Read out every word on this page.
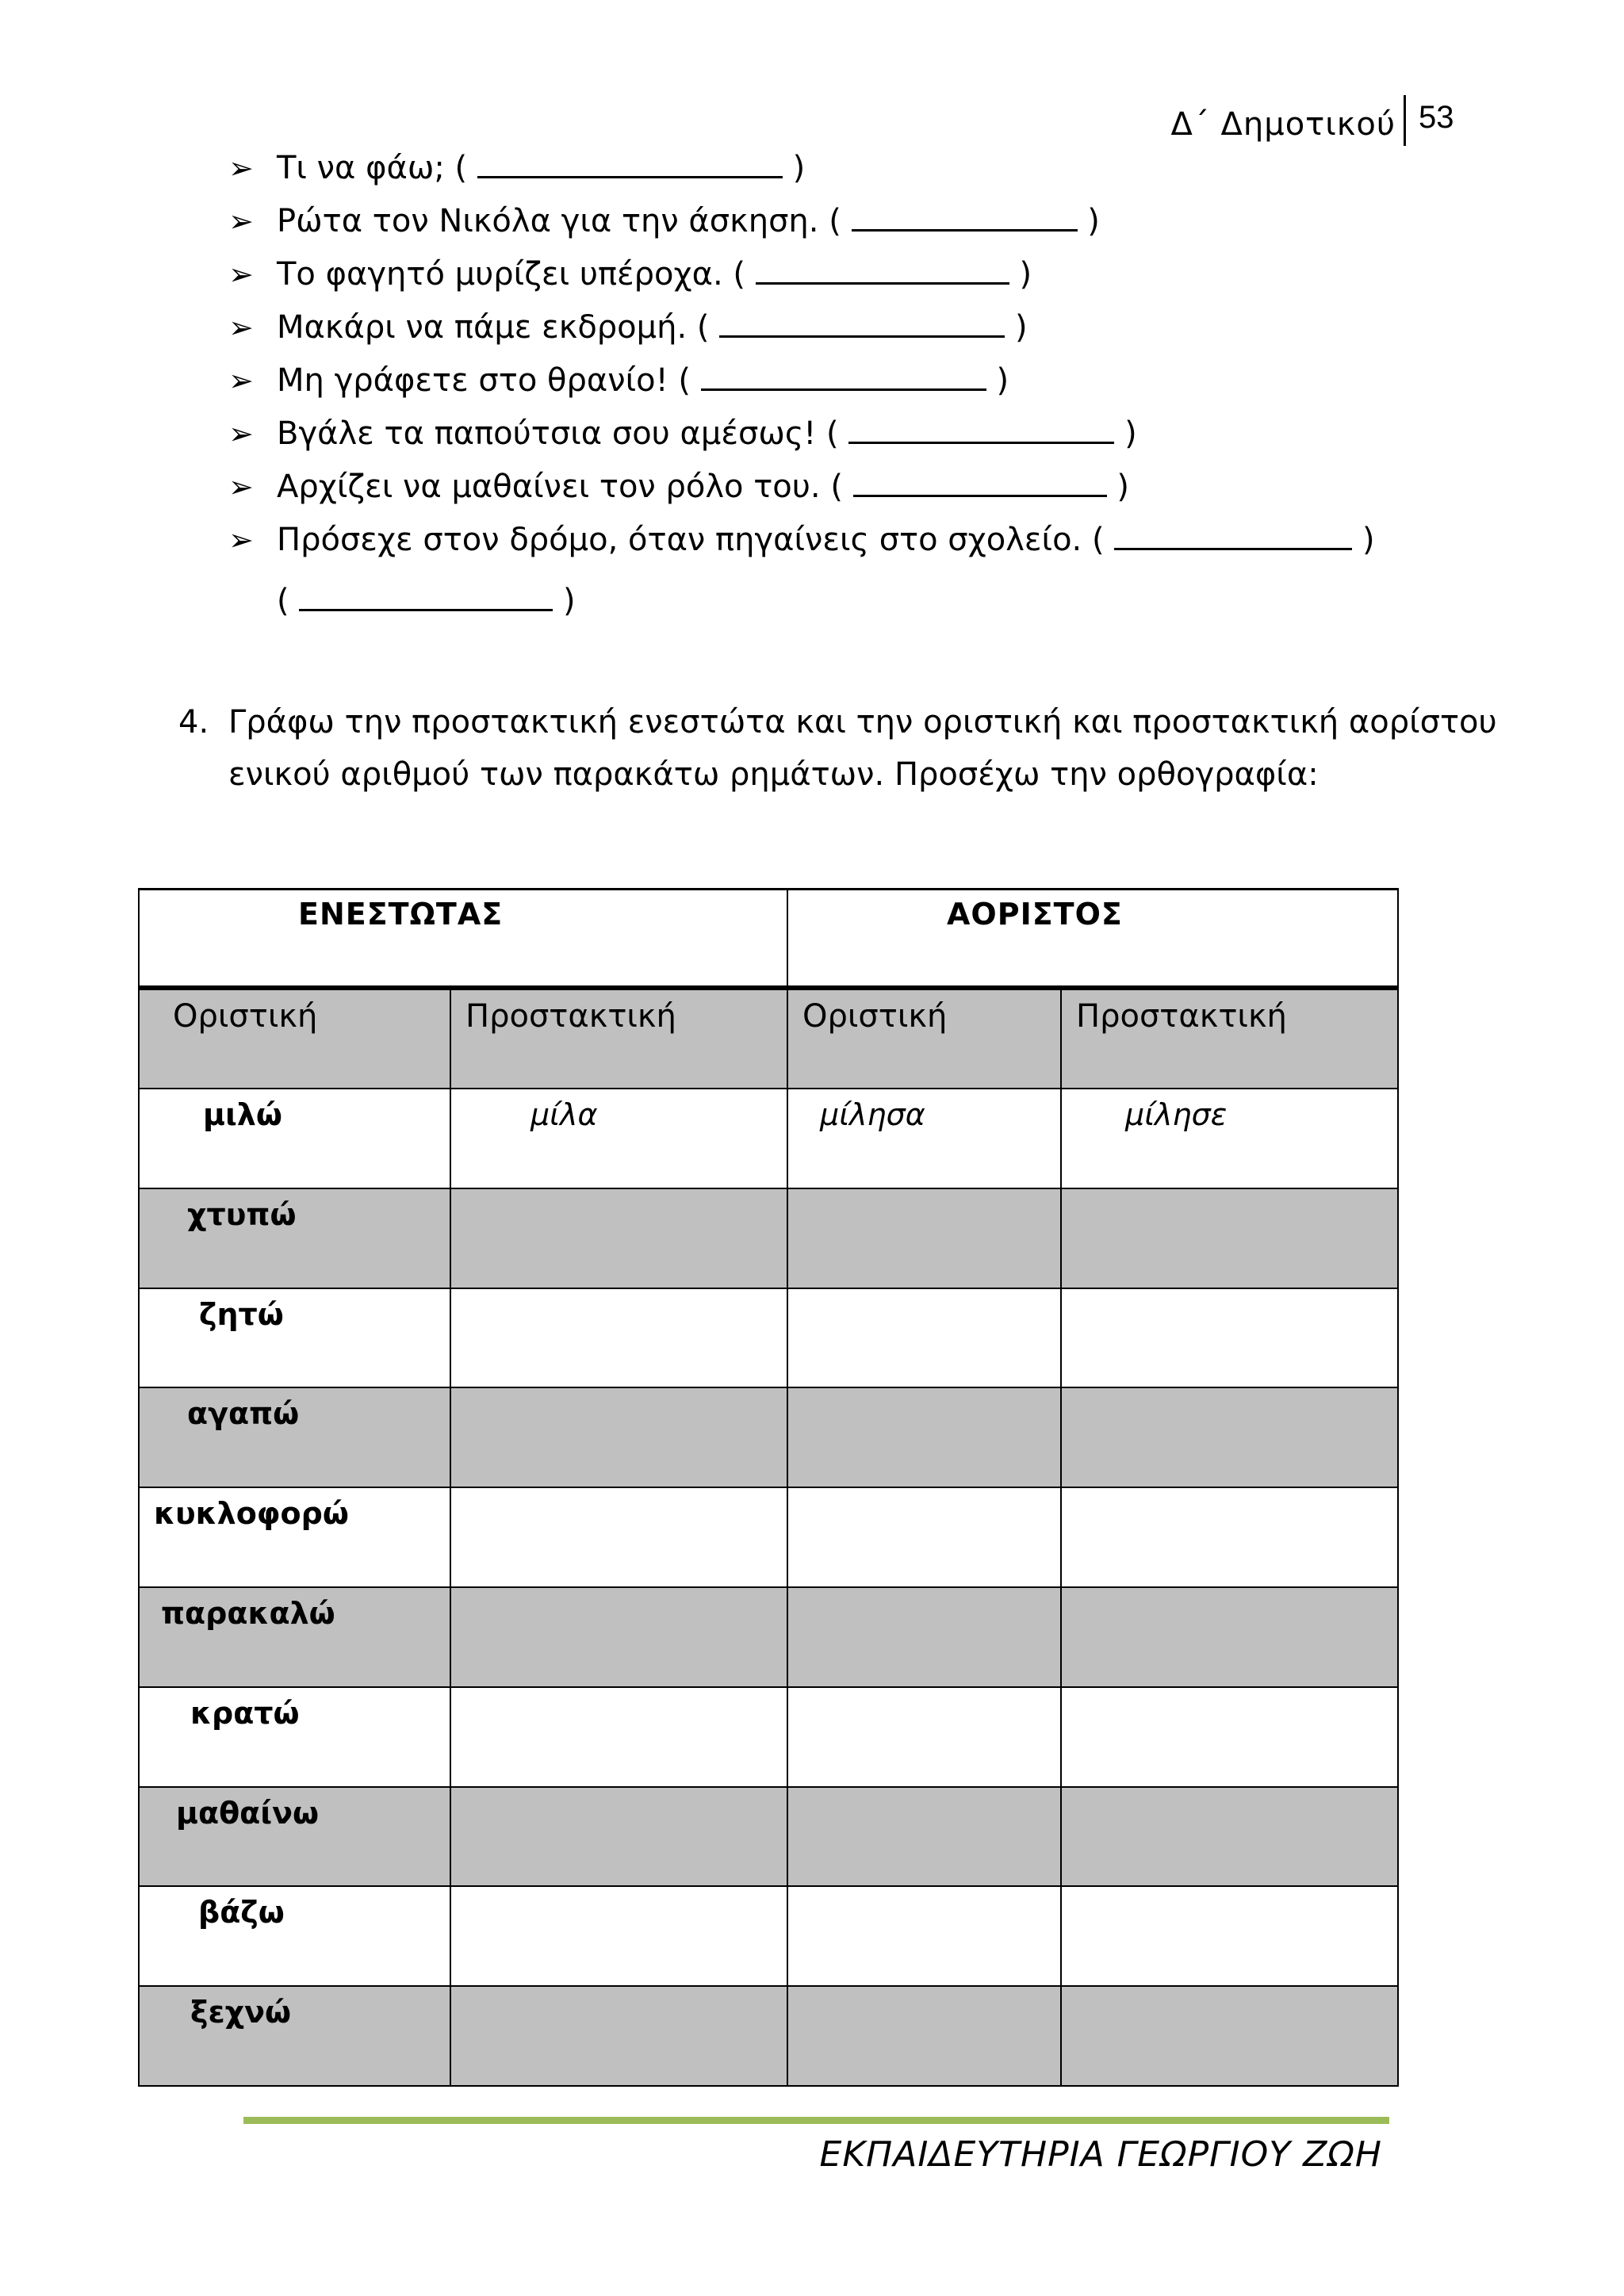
Δ΄ Δημοτικού 53
➢ Τι να φάω; (	)
➢ Ρώτα τον Νικόλα για την άσκηση. (	)
➢ Το φαγητό μυρίζει υπέροχα. (	)
➢ Μακάρι να πάμε εκδρομή. (	)
➢ Μη γράφετε στο θρανίο! (	)
➢ Βγάλε τα παπούτσια σου αμέσως! (	)
➢ Αρχίζει να μαθαίνει τον ρόλο του. (	)
➢ Πρόσεχε στον δρόμο, όταν πηγαίνεις στο σχολείο. (	)
(	)
4. Γράφω την προστακτική ενεστώτα και την οριστική και προστακτική αορίστου
ενικού αριθμού των παρακάτω ρημάτων. Προσέχω την ορθογραφία:
ΕΝΕΣΤΩΤΑΣ		ΑΟΡΙΣΤΟΣ	
Οριστική	Προστακτική	Οριστική	Προστακτική
μιλώ	μίλα	μίλησα	μίλησε
χτυπώ			
ζητώ			
αγαπώ			
κυκλοφορώ			
παρακαλώ			
κρατώ			
μαθαίνω			
βάζω			
ξεχνώ			
ΕΚΠΑΙΔΕΥΤΗΡΙΑ ΓΕΩΡΓΙΟΥ ΖΩΗ
